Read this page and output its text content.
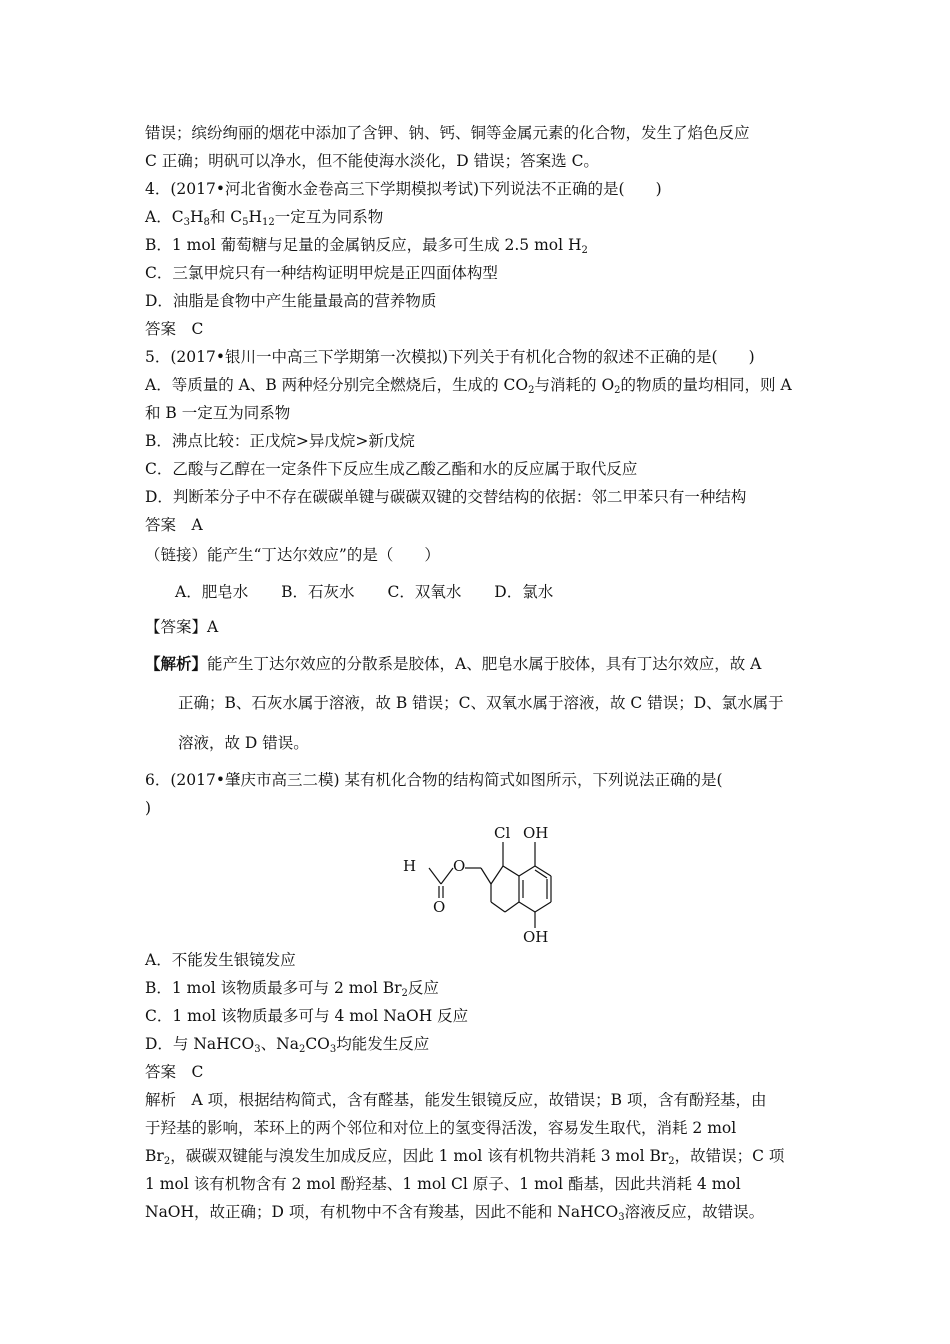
错误；缤纷绚丽的烟花中添加了含钾、钠、钙、铜等金属元素的化合物，发生了焰色反应
C 正确；明矾可以净水，但不能使海水淡化，D 错误；答案选 C。
4．(2017•河北省衡水金卷高三下学期模拟考试)下列说法不正确的是(　　)
A．$C_3H_8$和 $C_5H_{12}$一定互为同系物
B．1 mol 葡萄糖与足量的金属钠反应，最多可生成 2.5 mol $H_2$
C．三氯甲烷只有一种结构证明甲烷是正四面体构型
D．油脂是食物中产生能量最高的营养物质
答案　C
5．(2017•银川一中高三下学期第一次模拟)下列关于有机化合物的叙述不正确的是(　　)
A．等质量的 A、B 两种烃分别完全燃烧后，生成的 $CO_2$与消耗的 $O_2$的物质的量均相同，则 A
和 B 一定互为同系物
B．沸点比较：正戊烷>异戊烷>新戊烷
C．乙酸与乙醇在一定条件下反应生成乙酸乙酯和水的反应属于取代反应
D．判断苯分子中不存在碳碳单键与碳碳双键的交替结构的依据：邻二甲苯只有一种结构
答案　A
（链接）能产生“丁达尔效应”的是（　　）
A．肥皂水 B．石灰水 C．双氧水 D．氯水
【答案】A
【解析】能产生丁达尔效应的分散系是胶体，A、肥皂水属于胶体，具有丁达尔效应，故 A
正确；B、石灰水属于溶液，故 B 错误；C、双氧水属于溶液，故 C 错误；D、氯水属于
溶液，故 D 错误。
6．(2017•肇庆市高三二模) 某有机化合物的结构简式如图所示，下列说法正确的是(
)
Cl OH
OH
H O
O
A．不能发生银镜发应
B．1 mol 该物质最多可与 2 mol $Br_2$反应
C．1 mol 该物质最多可与 4 mol NaOH 反应
D．与 NaHCO$_3$、$Na_2CO_3$均能发生反应
答案　C
解析　A 项，根据结构简式，含有醛基，能发生银镜反应，故错误；B 项，含有酚羟基，由
于羟基的影响，苯环上的两个邻位和对位上的氢变得活泼，容易发生取代，消耗 2 mol
$Br_2$，碳碳双键能与溴发生加成反应，因此 1 mol 该有机物共消耗 3 mol $Br_2$，故错误；C 项
1 mol 该有机物含有 2 mol 酚羟基、1 mol Cl 原子、1 mol 酯基，因此共消耗 4 mol
NaOH，故正确；D 项，有机物中不含有羧基，因此不能和 NaHCO$_3$溶液反应，故错误。
